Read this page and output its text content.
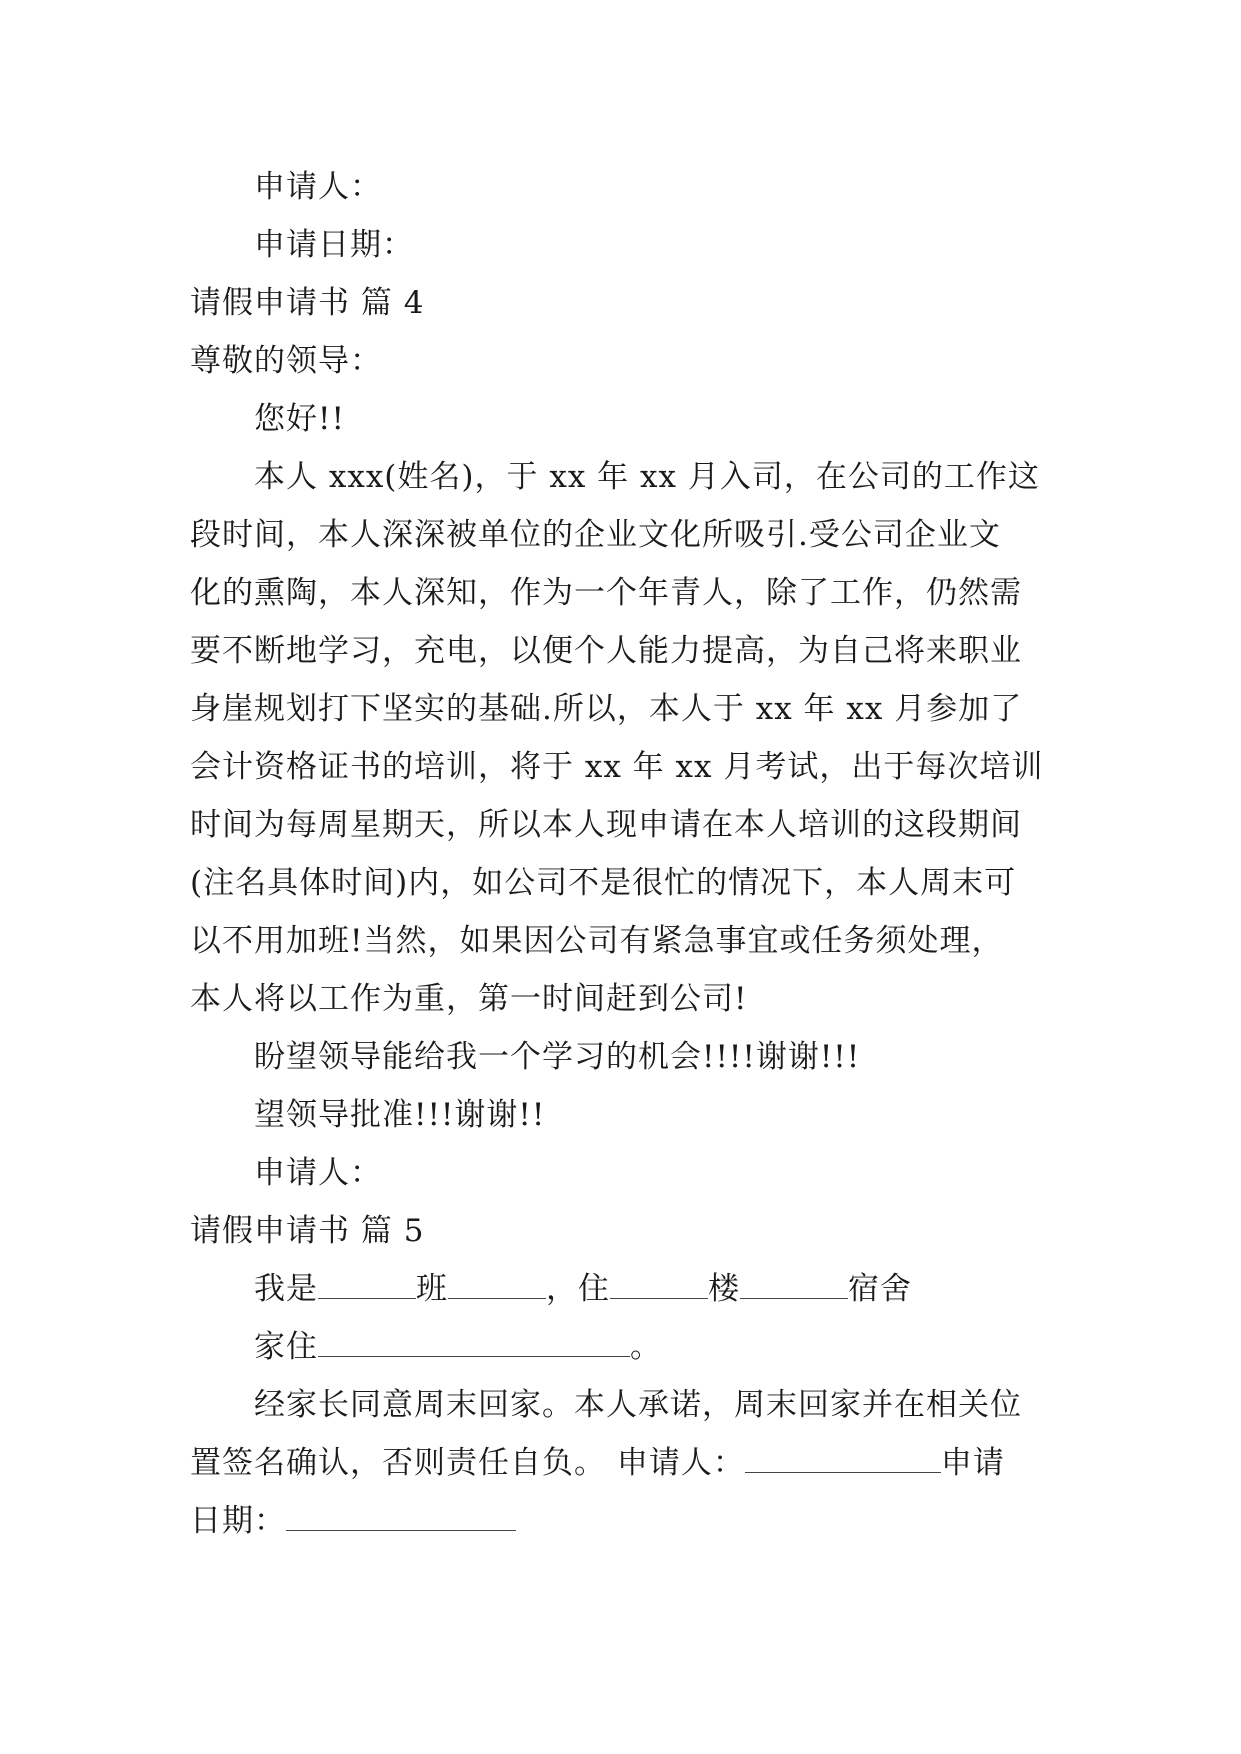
申请人：
申请日期：
请假申请书 篇 4
尊敬的领导：
您好!!
本人 xxx(姓名)，于 xx 年 xx 月入司，在公司的工作这
段时间，本人深深被单位的企业文化所吸引.受公司企业文
化的熏陶，本人深知，作为一个年青人，除了工作，仍然需
要不断地学习，充电，以便个人能力提高，为自己将来职业
身崖规划打下坚实的基础.所以，本人于 xx 年 xx 月参加了
会计资格证书的培训，将于 xx 年 xx 月考试，出于每次培训
时间为每周星期天，所以本人现申请在本人培训的这段期间
(注名具体时间)内，如公司不是很忙的情况下，本人周末可
以不用加班!当然，如果因公司有紧急事宜或任务须处理，
本人将以工作为重，第一时间赶到公司!
盼望领导能给我一个学习的机会!!!!谢谢!!!
望领导批准!!!谢谢!!
申请人：
请假申请书 篇 5
我是	班	，住	楼	宿舍
家住	。
经家长同意周末回家。本人承诺，周末回家并在相关位
置签名确认，否则责任自负。 申请人：	申请
日期：
